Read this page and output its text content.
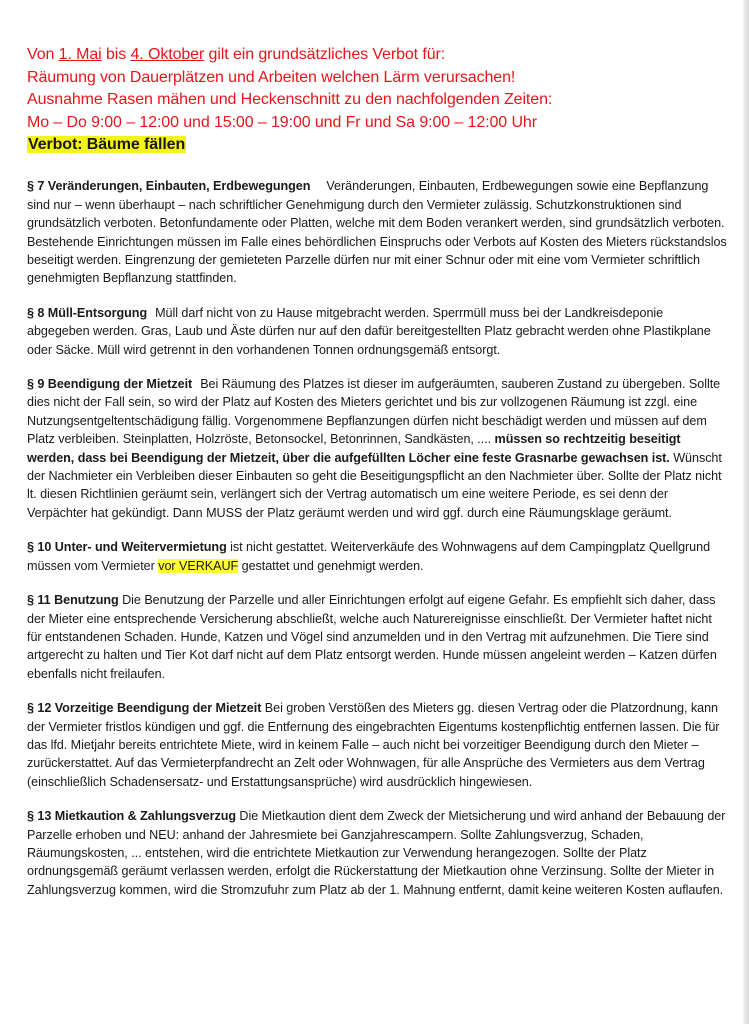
Von 1. Mai bis 4. Oktober gilt ein grundsätzliches Verbot für:
Räumung von Dauerplätzen und Arbeiten welchen Lärm verursachen!
Ausnahme Rasen mähen und Heckenschnitt zu den nachfolgenden Zeiten:
Mo – Do 9:00 – 12:00 und 15:00 – 19:00 und Fr und Sa 9:00 – 12:00 Uhr
Verbot: Bäume fällen

§ 7 Veränderungen, Einbauten, Erdbewegungen Veränderungen, Einbauten, Erdbewegungen sowie eine Bepflanzung sind nur – wenn überhaupt – nach schriftlicher Genehmigung durch den Vermieter zulässig. Schutzkonstruktionen sind grundsätzlich verboten. Betonfundamente oder Platten, welche mit dem Boden verankert werden, sind grundsätzlich verboten. Bestehende Einrichtungen müssen im Falle eines behördlichen Einspruchs oder Verbots auf Kosten des Mieters rückstandslos beseitigt werden. Eingrenzung der gemieteten Parzelle dürfen nur mit einer Schnur oder mit eine vom Vermieter schriftlich genehmigten Bepflanzung stattfinden.

§ 8 Müll-Entsorgung Müll darf nicht von zu Hause mitgebracht werden. Sperrmüll muss bei der Landkreisdeponie abgegeben werden. Gras, Laub und Äste dürfen nur auf den dafür bereitgestellten Platz gebracht werden ohne Plastikplane oder Säcke. Müll wird getrennt in den vorhandenen Tonnen ordnungsgemäß entsorgt.

§ 9 Beendigung der Mietzeit Bei Räumung des Platzes ist dieser im aufgeräumten, sauberen Zustand zu übergeben. Sollte dies nicht der Fall sein, so wird der Platz auf Kosten des Mieters gerichtet und bis zur vollzogenen Räumung ist zzgl. eine Nutzungsentgeltentschädigung fällig. Vorgenommene Bepflanzungen dürfen nicht beschädigt werden und müssen auf dem Platz verbleiben. Steinplatten, Holzröste, Betonsockel, Betonrinnen, Sandkästen, .... müssen so rechtzeitig beseitigt werden, dass bei Beendigung der Mietzeit, über die aufgefüllten Löcher eine feste Grasnarbe gewachsen ist. Wünscht der Nachmieter ein Verbleiben dieser Einbauten so geht die Beseitigungspflicht an den Nachmieter über. Sollte der Platz nicht lt. diesen Richtlinien geräumt sein, verlängert sich der Vertrag automatisch um eine weitere Periode, es sei denn der Verpächter hat gekündigt. Dann MUSS der Platz geräumt werden und wird ggf. durch eine Räumungsklage geräumt.

§ 10 Unter- und Weitervermietung ist nicht gestattet. Weiterverkäufe des Wohnwagens auf dem Campingplatz Quellgrund müssen vom Vermieter vor VERKAUF gestattet und genehmigt werden.

§ 11 Benutzung Die Benutzung der Parzelle und aller Einrichtungen erfolgt auf eigene Gefahr. Es empfiehlt sich daher, dass der Mieter eine entsprechende Versicherung abschließt, welche auch Naturereignisse einschließt. Der Vermieter haftet nicht für entstandenen Schaden. Hunde, Katzen und Vögel sind anzumelden und in den Vertrag mit aufzunehmen. Die Tiere sind artgerecht zu halten und Tier Kot darf nicht auf dem Platz entsorgt werden. Hunde müssen angeleint werden – Katzen dürfen ebenfalls nicht freilaufen.

§ 12 Vorzeitige Beendigung der Mietzeit Bei groben Verstößen des Mieters gg. diesen Vertrag oder die Platzordnung, kann der Vermieter fristlos kündigen und ggf. die Entfernung des eingebrachten Eigentums kostenpflichtig entfernen lassen. Die für das lfd. Mietjahr bereits entrichtete Miete, wird in keinem Falle – auch nicht bei vorzeitiger Beendigung durch den Mieter – zurückerstattet. Auf das Vermieterpfandrecht an Zelt oder Wohnwagen, für alle Ansprüche des Vermieters aus dem Vertrag (einschließlich Schadensersatz- und Erstattungsansprüche) wird ausdrücklich hingewiesen.

§ 13 Mietkaution & Zahlungsverzug Die Mietkaution dient dem Zweck der Mietsicherung und wird anhand der Bebauung der Parzelle erhoben und NEU: anhand der Jahresmiete bei Ganzjahrescampern. Sollte Zahlungsverzug, Schaden, Räumungskosten, ... entstehen, wird die entrichtete Mietkaution zur Verwendung herangezogen. Sollte der Platz ordnungsgemäß geräumt verlassen werden, erfolgt die Rückerstattung der Mietkaution ohne Verzinsung. Sollte der Mieter in Zahlungsverzug kommen, wird die Stromzufuhr zum Platz ab der 1. Mahnung entfernt, damit keine weiteren Kosten auflaufen.
